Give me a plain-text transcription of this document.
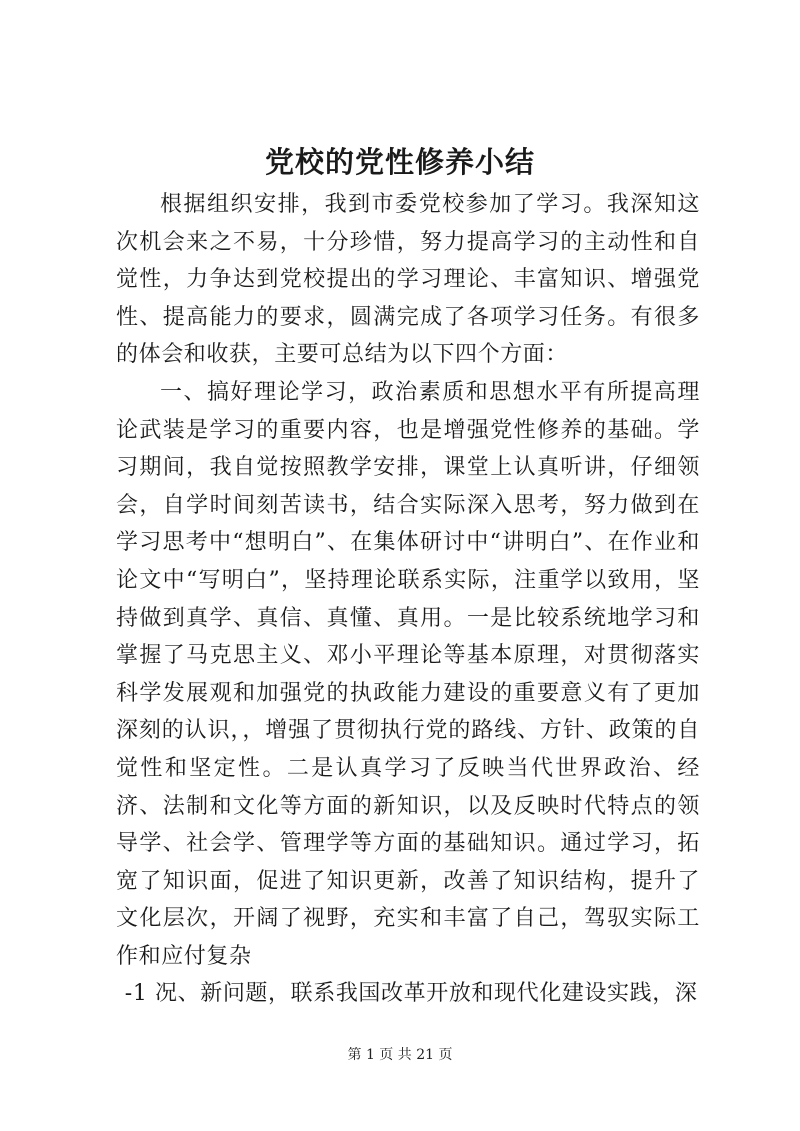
党校的党性修养小结

根据组织安排，我到市委党校参加了学习。我深知这次机会来之不易，十分珍惜，努力提高学习的主动性和自觉性，力争达到党校提出的学习理论、丰富知识、增强党性、提高能力的要求，圆满完成了各项学习任务。有很多的体会和收获，主要可总结为以下四个方面：

一、搞好理论学习，政治素质和思想水平有所提高理论武装是学习的重要内容，也是增强党性修养的基础。学习期间，我自觉按照教学安排，课堂上认真听讲，仔细领会，自学时间刻苦读书，结合实际深入思考，努力做到在学习思考中“想明白”、在集体研讨中“讲明白”、在作业和论文中“写明白”，坚持理论联系实际，注重学以致用，坚持做到真学、真信、真懂、真用。一是比较系统地学习和掌握了马克思主义、邓小平理论等基本原理，对贯彻落实科学发展观和加强党的执政能力建设的重要意义有了更加深刻的认识，，增强了贯彻执行党的路线、方针、政策的自觉性和坚定性。二是认真学习了反映当代世界政治、经济、法制和文化等方面的新知识，以及反映时代特点的领导学、社会学、管理学等方面的基础知识。通过学习，拓宽了知识面，促进了知识更新，改善了知识结构，提升了文化层次，开阔了视野，充实和丰富了自己，驾驭实际工作和应付复杂

-1 况、新问题，联系我国改革开放和现代化建设实践，深

第 1 页 共 21 页
